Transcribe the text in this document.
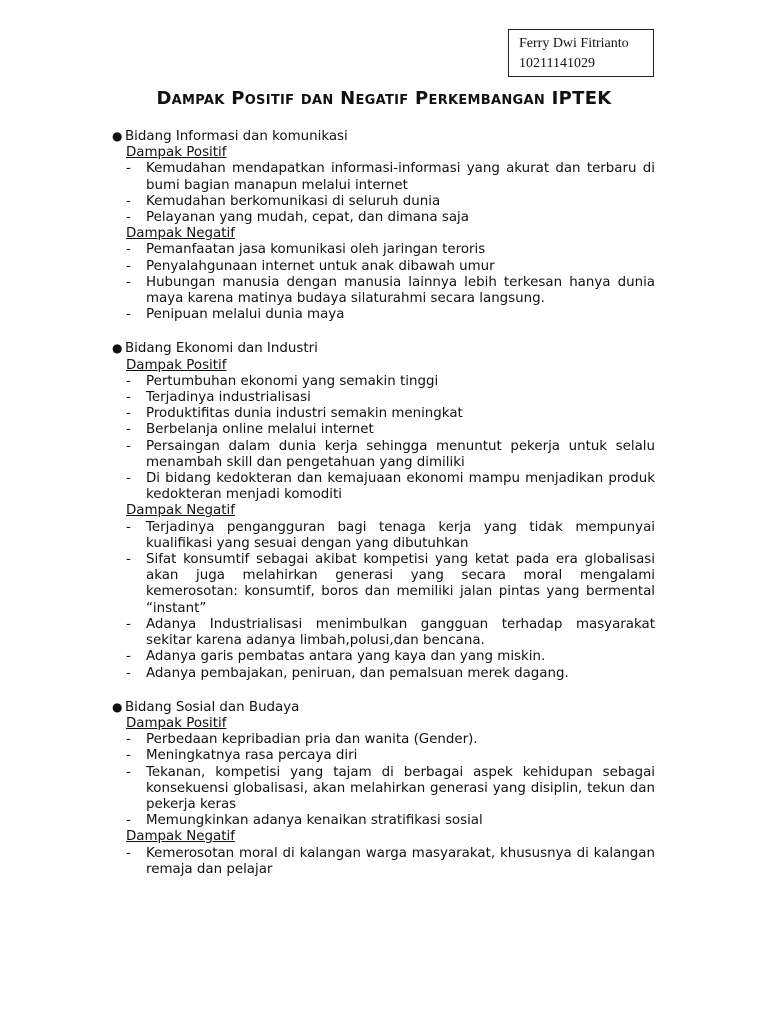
Ferry Dwi Fitrianto
10211141029
Dampak Positif dan Negatif Perkembangan IPTEK
● Bidang Informasi dan komunikasi
Dampak Positif
-	Kemudahan mendapatkan informasi-informasi yang akurat dan terbaru di bumi bagian manapun melalui internet
-	Kemudahan berkomunikasi di seluruh dunia
-	Pelayanan yang mudah, cepat, dan dimana saja
Dampak Negatif
-	Pemanfaatan jasa komunikasi oleh jaringan teroris
-	Penyalahgunaan internet untuk anak dibawah umur
-	Hubungan manusia dengan manusia lainnya lebih terkesan hanya dunia maya karena matinya budaya silaturahmi secara langsung.
-	Penipuan melalui dunia maya
● Bidang Ekonomi dan Industri
Dampak Positif
-	Pertumbuhan ekonomi yang semakin tinggi
-	Terjadinya industrialisasi
-	Produktifitas dunia industri semakin meningkat
-	Berbelanja online melalui internet
-	Persaingan dalam dunia kerja sehingga menuntut pekerja untuk selalu menambah skill dan pengetahuan yang dimiliki
-	Di bidang kedokteran dan kemajuaan ekonomi mampu menjadikan produk kedokteran menjadi komoditi
Dampak Negatif
-	Terjadinya pengangguran bagi tenaga kerja yang tidak mempunyai kualifikasi yang sesuai dengan yang dibutuhkan
-	Sifat konsumtif sebagai akibat kompetisi yang ketat pada era globalisasi akan juga melahirkan generasi yang secara moral mengalami kemerosotan: konsumtif, boros dan memiliki jalan pintas yang bermental “instant”
-	Adanya Industrialisasi menimbulkan gangguan terhadap masyarakat sekitar karena adanya limbah,polusi,dan bencana.
-	Adanya garis pembatas antara yang kaya dan yang miskin.
-	Adanya pembajakan, peniruan, dan pemalsuan merek dagang.
● Bidang Sosial dan Budaya
Dampak Positif
-	Perbedaan kepribadian pria dan wanita (Gender).
-	Meningkatnya rasa percaya diri
-	Tekanan, kompetisi yang tajam di berbagai aspek kehidupan sebagai konsekuensi globalisasi, akan melahirkan generasi yang disiplin, tekun dan pekerja keras
-	Memungkinkan adanya kenaikan stratifikasi sosial
Dampak Negatif
-	Kemerosotan moral di kalangan warga masyarakat, khususnya di kalangan remaja dan pelajar
